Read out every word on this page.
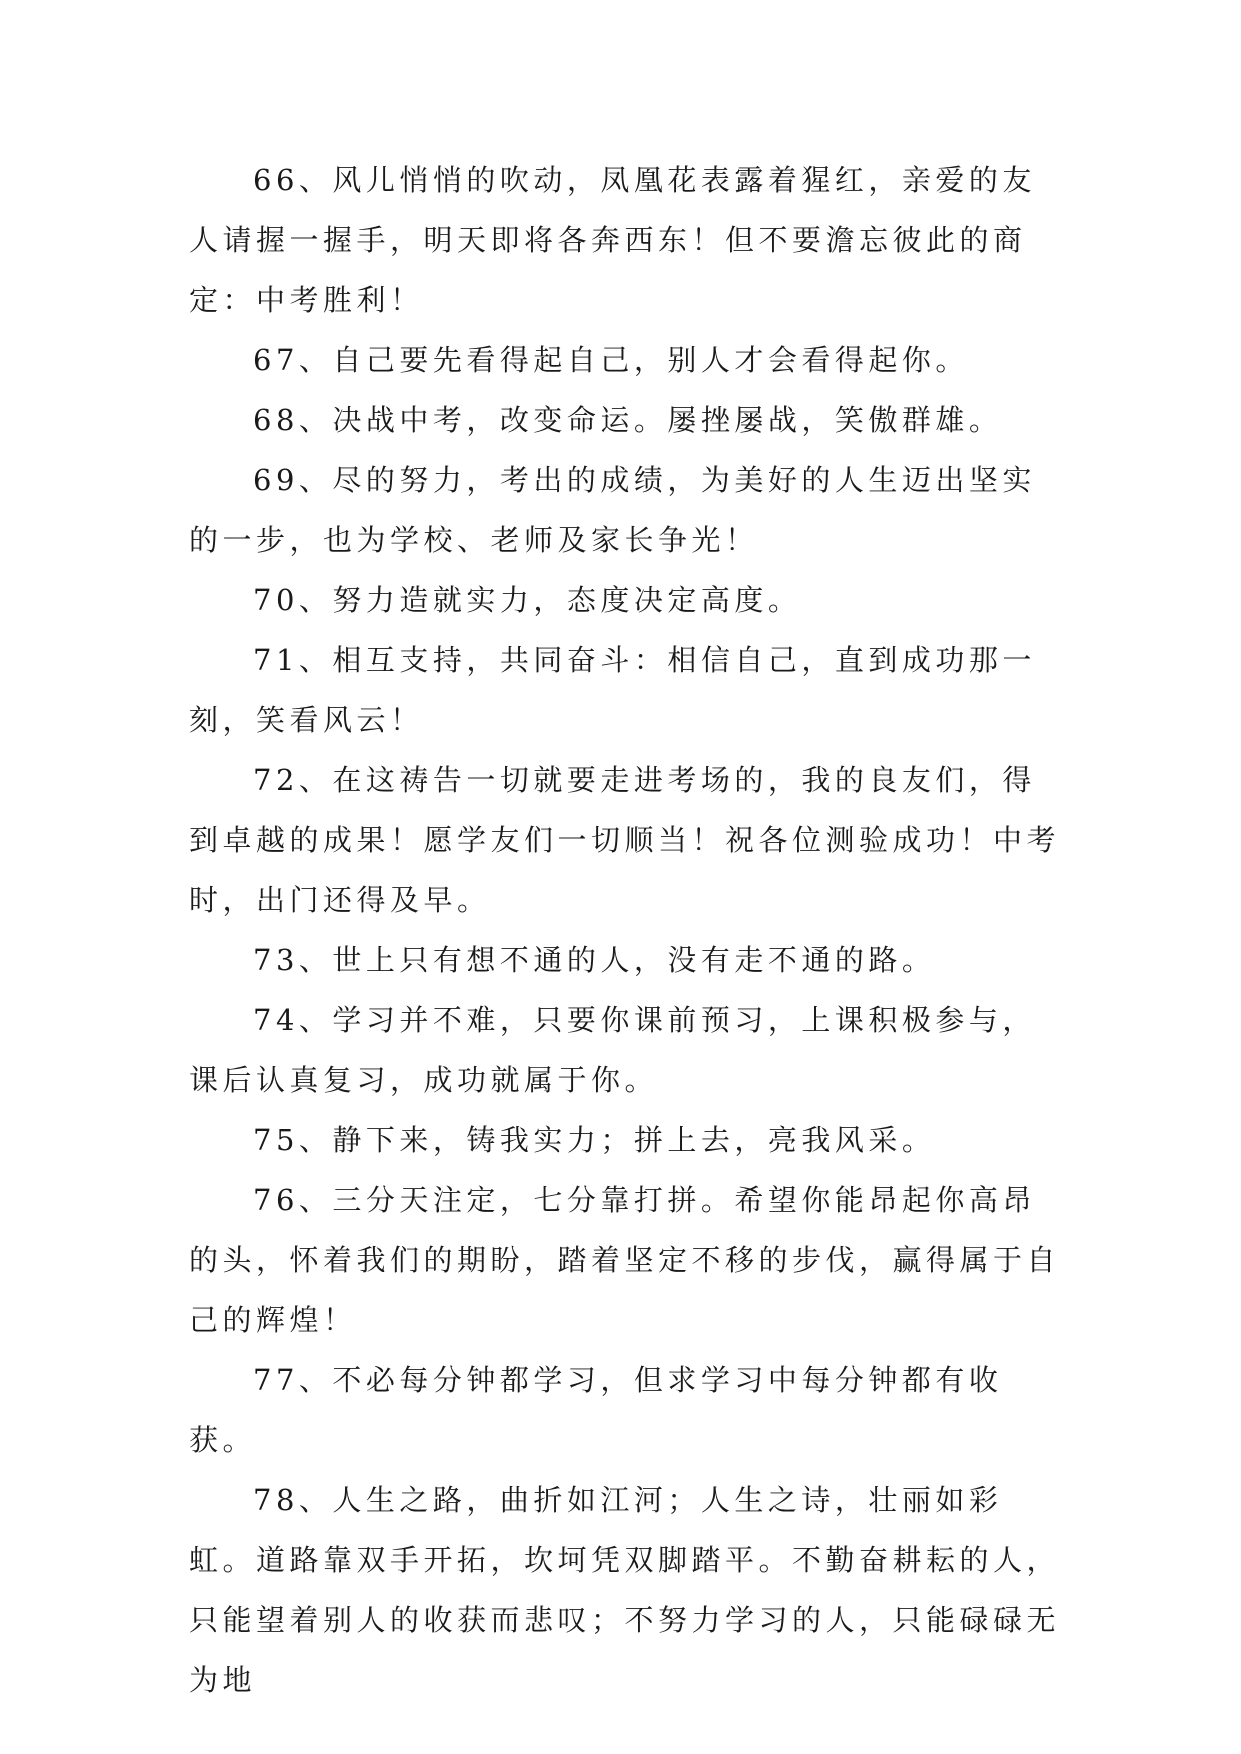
66、风儿悄悄的吹动，凤凰花表露着猩红，亲爱的友人请握一握手，明天即将各奔西东！但不要澹忘彼此的商定：中考胜利！

67、自己要先看得起自己，别人才会看得起你。

68、决战中考，改变命运。屡挫屡战，笑傲群雄。

69、尽的努力，考出的成绩，为美好的人生迈出坚实的一步，也为学校、老师及家长争光！

70、努力造就实力，态度决定高度。

71、相互支持，共同奋斗：相信自己，直到成功那一刻，笑看风云！

72、在这祷告一切就要走进考场的，我的良友们，得到卓越的成果！愿学友们一切顺当！祝各位测验成功！中考时，出门还得及早。

73、世上只有想不通的人，没有走不通的路。

74、学习并不难，只要你课前预习，上课积极参与，课后认真复习，成功就属于你。

75、静下来，铸我实力；拼上去，亮我风采。

76、三分天注定，七分靠打拼。希望你能昂起你高昂的头，怀着我们的期盼，踏着坚定不移的步伐，赢得属于自己的辉煌！

77、不必每分钟都学习，但求学习中每分钟都有收获。

78、人生之路，曲折如江河；人生之诗，壮丽如彩虹。道路靠双手开拓，坎坷凭双脚踏平。不勤奋耕耘的人，只能望着别人的收获而悲叹；不努力学习的人，只能碌碌无为地
